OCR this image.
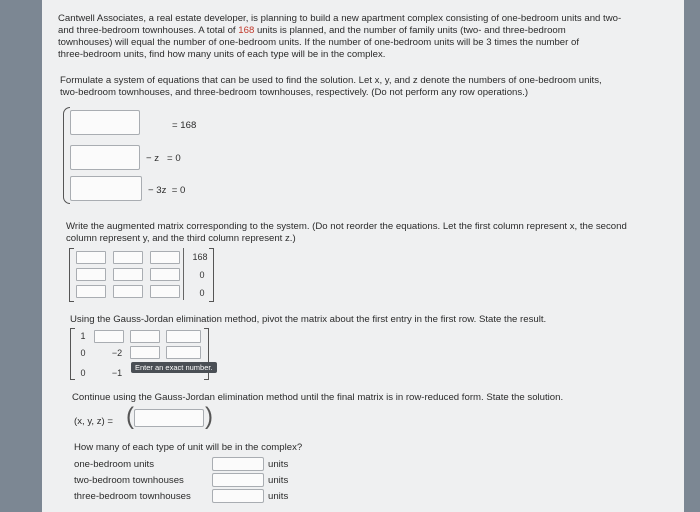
Cantwell Associates, a real estate developer, is planning to build a new apartment complex consisting of one-bedroom units and two-
and three-bedroom townhouses. A total of 168 units is planned, and the number of family units (two- and three-bedroom
townhouses) will equal the number of one-bedroom units. If the number of one-bedroom units will be 3 times the number of
three-bedroom units, find how many units of each type will be in the complex.
Formulate a system of equations that can be used to find the solution. Let x, y, and z denote the numbers of one-bedroom units,
two-bedroom townhouses, and three-bedroom townhouses, respectively. (Do not perform any row operations.)
= 168
− z   = 0
− 3z  = 0
Write the augmented matrix corresponding to the system. (Do not reorder the equations. Let the first column represent x, the second
column represent y, and the third column represent z.)
168
0
0
Using the Gauss-Jordan elimination method, pivot the matrix about the first entry in the first row. State the result.
1
0	−2
0	−1
Enter an exact number.
Continue using the Gauss-Jordan elimination method until the final matrix is in row-reduced form. State the solution.
(x, y, z) = (	)
How many of each type of unit will be in the complex?
one-bedroom units	units
two-bedroom townhouses	units
three-bedroom townhouses	units
